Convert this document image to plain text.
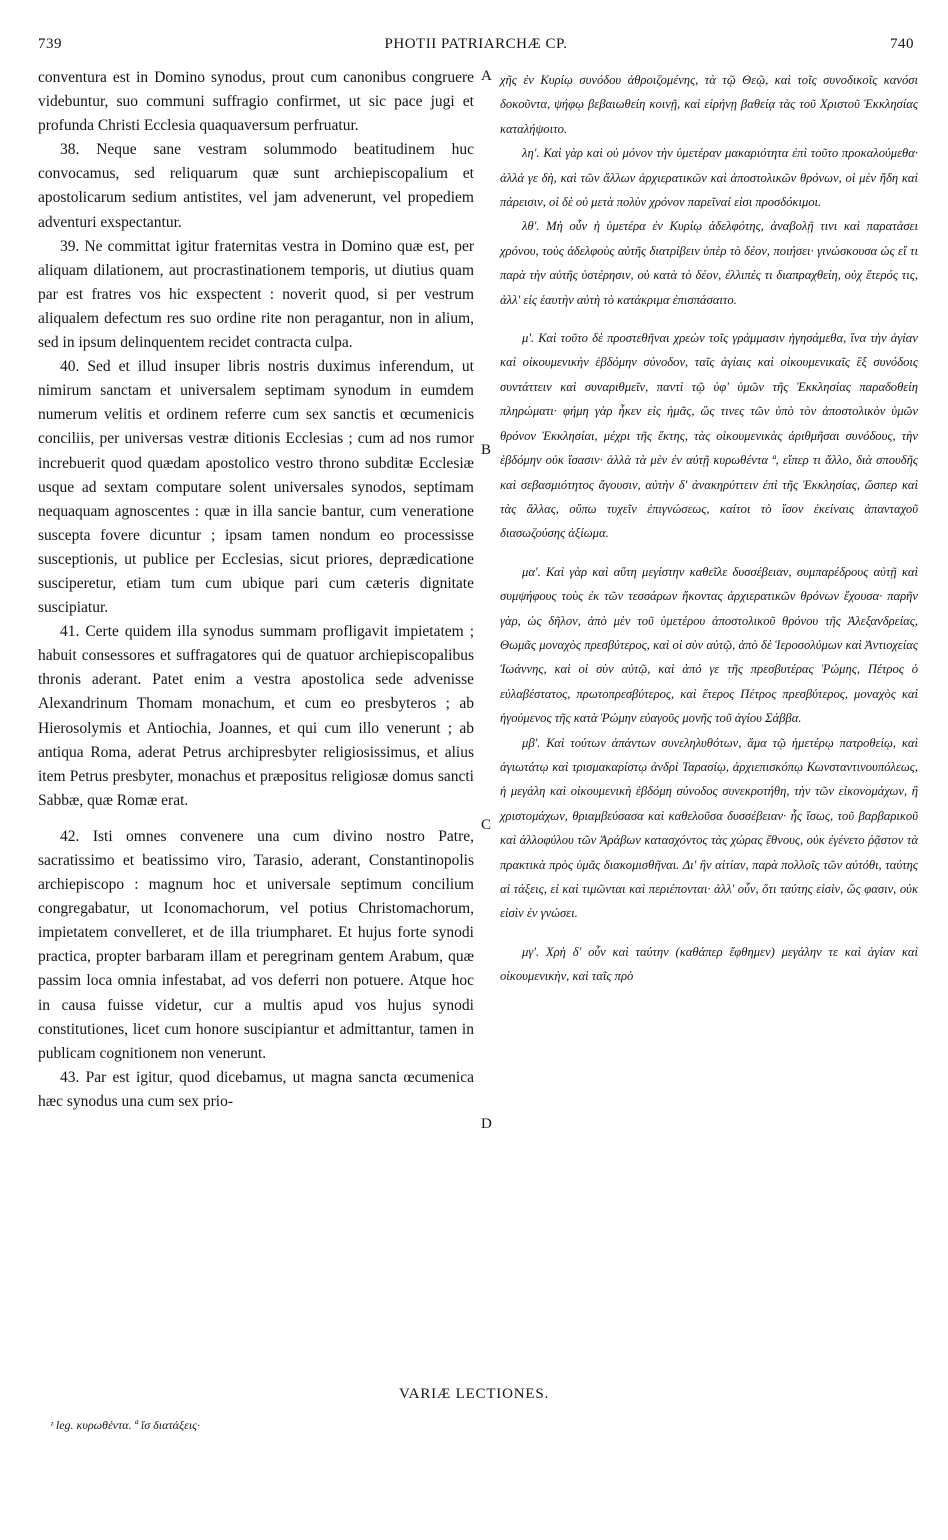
739	PHOTII PATRIARCHÆ CP.	740

conventura est in Domino synodus, prout cum canonibus congruere videbuntur, suo communi suffragio confirmet, ut sic pace jugi et profunda Christi Ecclesia quaquaversum perfruatur.

38. Neque sane vestram solummodo beatitudinem huc convocamus, sed reliquarum quæ sunt archiepiscopalium et apostolicarum sedium antistites, vel jam advenerunt, vel propediem adventuri exspectantur.

39. Ne committat igitur fraternitas vestra in Domino quæ est, per aliquam dilationem, aut procrastinationem temporis, ut diutius quam par est fratres vos hic exspectent : noverit quod, si per vestrum aliqualem defectum res suo ordine rite non peragantur, non in alium, sed in ipsum delinquentem recidet contracta culpa.

40. Sed et illud insuper libris nostris duximus inferendum, ut nimirum sanctam et universalem septimam synodum in eumdem numerum velitis et ordinem referre cum sex sanctis et œcumenicis conciliis, per universas vestræ ditionis Ecclesias ; cum ad nos rumor increbuerit quod quædam apostolico vestro throno subditæ Ecclesiæ usque ad sextam computare solent universales synodos, septimam nequaquam agnoscentes : quæ in illa sancie bantur, cum veneratione suscepta fovere dicuntur ; ipsam tamen nondum eo processisse susceptionis, ut publice per Ecclesias, sicut priores, deprædicatione susciperetur, etiam tum cum ubique pari cum cæteris dignitate suscipiatur.

41. Certe quidem illa synodus summam profligavit impietatem ; habuit consessores et suffragatores qui de quatuor archiepiscopalibus thronis aderant. Patet enim a vestra apostolica sede advenisse Alexandrinum Thomam monachum, et cum eo presbyteros ; ab Hierosolymis et Antiochia, Joannes, et qui cum illo venerunt ; ab antiqua Roma, aderat Petrus archipresbyter religiosissimus, et alius item Petrus presbyter, monachus et præpositus religiosæ domus sancti Sabbæ, quæ Romæ erat.

42. Isti omnes convenere una cum divino nostro Patre, sacratissimo et beatissimo viro, Tarasio, aderant, Constantinopolis archiepiscopo : magnum hoc et universale septimum concilium congregabatur, ut Iconomachorum, vel potius Christomachorum, impietatem convelleret, et de illa triumpharet. Et hujus forte synodi practica, propter barbaram illam et peregrinam gentem Arabum, quæ passim loca omnia infestabat, ad vos deferri non potuere. Atque hoc in causa fuisse videtur, cur a multis apud vos hujus synodi constitutiones, licet cum honore suscipiantur et admittantur, tamen in publicam cognitionem non venerunt.

43. Par est igitur, quod dicebamus, ut magna sancta œcumenica hæc synodus una cum sex prio-

A
B
C
D

χῆς ἐν Κυρίῳ συνόδου ἀθροιζομένης, τὰ τῷ Θεῷ, καὶ τοῖς συνοδικοῖς κανόσι δοκοῦντα, ψήφῳ βεβαιωθείη κοινῇ, καὶ εἰρήνῃ βαθείᾳ τὰς τοῦ Χριστοῦ Ἐκκλησίας καταλήψοιτο.

λη'. Καὶ γὰρ καὶ οὐ μόνον τὴν ὑμετέραν μακαριότητα ἐπὶ τοῦτο προκαλούμεθα· ἀλλά γε δὴ, καὶ τῶν ἄλλων ἀρχιερατικῶν καὶ ἀποστολικῶν θρόνων, οἱ μὲν ἤδη καὶ πάρεισιν, οἱ δὲ οὐ μετὰ πολὺν χρόνον παρεῖναί εἰσι προσδόκιμοι.

λθ'. Μὴ οὖν ἡ ὑμετέρα ἐν Κυρίῳ ἀδελφότης, ἀναβολῇ τινι καὶ παρατάσει χρόνου, τοὺς ἀδελφοὺς αὐτῆς διατρίβειν ὑπὲρ τὸ δέον, ποιήσει· γινώσκουσα ὡς εἴ τι παρὰ τὴν αὐτῆς ὑστέρησιν, οὐ κατὰ τὸ δέον, ἐλλιπές τι διαπραχθείη, οὐχ ἕτερός τις, ἀλλ' εἰς ἑαυτὴν αὐτὴ τὸ κατάκριμα ἐπισπάσαιτο.

μ'. Καὶ τοῦτο δὲ προστεθῆναι χρεὼν τοῖς γράμμασιν ἡγησάμεθα, ἵνα τὴν ἁγίαν καὶ οἰκουμενικὴν ἑβδόμην σύνοδον, ταῖς ἁγίαις καὶ οἰκουμενικαῖς ἓξ συνόδοις συντάττειν καὶ συναριθμεῖν, παντὶ τῷ ὑφ' ὑμῶν τῆς Ἐκκλησίας παραδοθείη πληρώματι· φήμη γὰρ ἧκεν εἰς ἡμᾶς, ὥς τινες τῶν ὑπὸ τὸν ἀποστολικὸν ὑμῶν θρόνον Ἐκκλησίαι, μέχρι τῆς ἕκτης, τὰς οἰκουμενικὰς ἀριθμῆσαι συνόδους, τὴν ἑβδόμην οὐκ ἴσασιν· ἀλλὰ τὰ μὲν ἐν αὐτῇ κυρωθέντα ª, εἴπερ τι ἄλλο, διὰ σπουδῆς καὶ σεβασμιότητος ἄγουσιν, αὐτὴν δ' ἀνακηρύττειν ἐπὶ τῆς Ἐκκλησίας, ὥσπερ καὶ τὰς ἄλλας, οὔπω τυχεῖν ἐπιγνώσεως, καίτοι τὸ ἴσον ἐκείναις ἁπανταχοῦ διασωζούσης ἀξίωμα.

μα'. Καὶ γὰρ καὶ αὕτη μεγίστην καθεῖλε δυσσέβειαν, συμπαρέδρους αὐτῇ καὶ συμψήφους τοὺς ἐκ τῶν τεσσάρων ἥκοντας ἀρχιερατικῶν θρόνων ἔχουσα· παρῆν γὰρ, ὡς δῆλον, ἀπὸ μὲν τοῦ ὑμετέρου ἀποστολικοῦ θρόνου τῆς Ἀλεξανδρείας, Θωμᾶς μοναχὸς πρεσβύτερος, καὶ οἱ σὺν αὐτῷ, ἀπὸ δὲ Ἱεροσολύμων καὶ Ἀντιοχείας Ἰωάννης, καὶ οἱ σὺν αὐτῷ, καὶ ἀπό γε τῆς πρεσβυτέρας Ῥώμης, Πέτρος ὁ εὐλαβέστατος, πρωτοπρεσβύτερος, καὶ ἕτερος Πέτρος πρεσβύτερος, μοναχὸς καὶ ἡγούμενος τῆς κατὰ Ῥώμην εὐαγοῦς μονῆς τοῦ ἁγίου Σάββα.

μβ'. Καὶ τούτων ἁπάντων συνεληλυθότων, ἅμα τῷ ἡμετέρῳ πατροθείῳ, καὶ ἁγιωτάτῳ καὶ τρισμακαρίστῳ ἀνδρὶ Ταρασίῳ, ἀρχιεπισκόπῳ Κωνσταντινουπόλεως, ἡ μεγάλη καὶ οἰκουμενικὴ ἑβδόμη σύνοδος συνεκροτήθη, τὴν τῶν εἰκονομάχων, ἢ χριστομάχων, θριαμβεύσασα καὶ καθελοῦσα δυσσέβειαν· ἧς ἴσως, τοῦ βαρβαρικοῦ καὶ ἀλλοφύλου τῶν Ἀράβων κατασχόντος τὰς χώρας ἔθνους, οὐκ ἐγένετο ῥᾷστον τὰ πρακτικὰ πρὸς ὑμᾶς διακομισθῆναι. Δι' ἣν αἰτίαν, παρὰ πολλοῖς τῶν αὐτόθι, ταύτης αἱ τάξεις, εἰ καὶ τιμῶνται καὶ περιέπονται· ἀλλ' οὖν, ὅτι ταύτης εἰσὶν, ὥς φασιν, οὐκ εἰσὶν ἐν γνώσει.

μγ'. Χρὴ δ' οὖν καὶ ταύτην (καθάπερ ἔφθημεν) μεγάλην τε καὶ ἁγίαν καὶ οἰκουμενικὴν, καὶ ταῖς πρὸ

VARIÆ LECTIONES.
ᶻ leg. κυρωθέντα. ª ἴσ διατάξεις·
